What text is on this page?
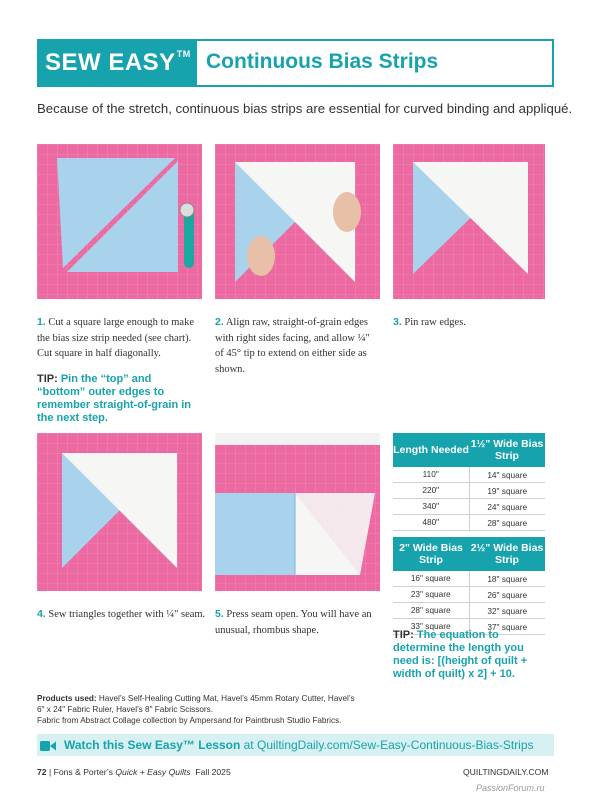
SEW EASY™ Continuous Bias Strips
Because of the stretch, continuous bias strips are essential for curved binding and appliqué.
1. Cut a square large enough to make the bias size strip needed (see chart). Cut square in half diagonally.
2. Align raw, straight-of-grain edges with right sides facing, and allow ¼" of 45° tip to extend on either side as shown.
3. Pin raw edges.
TIP: Pin the “top” and “bottom” outer edges to remember straight-of-grain in the next step.
4. Sew triangles together with ¼" seam. 5. Press seam open. You will have an unusual, rhombus shape.
Length Needed 1½" Wide Bias Strip
110"	14" square
220"	19" square
340"	24" square
480"	28" square
2" Wide Bias Strip
2½" Wide Bias Strip
16" square	18" square
23" square	26" square
28" square	32" square
33" square	37" square
TIP: The equation to determine the length you need is: [(height of quilt + width of quilt) x 2] + 10.
Products used: Havel’s Self-Healing Cutting Mat, Havel’s 45mm Rotary Cutter, Havel’s 6" x 24" Fabric Ruler, Havel’s 8" Fabric Scissors.
Fabric from Abstract Collage collection by Ampersand for Paintbrush Studio Fabrics.
Watch this Sew Easy™ Lesson at QuiltingDaily.com/Sew-Easy-Continuous-Bias-Strips
72 | Fons & Porter’s Quick + Easy Quilts Fall 2025	QUILTINGDAILY.COM
PassionForum.ru
